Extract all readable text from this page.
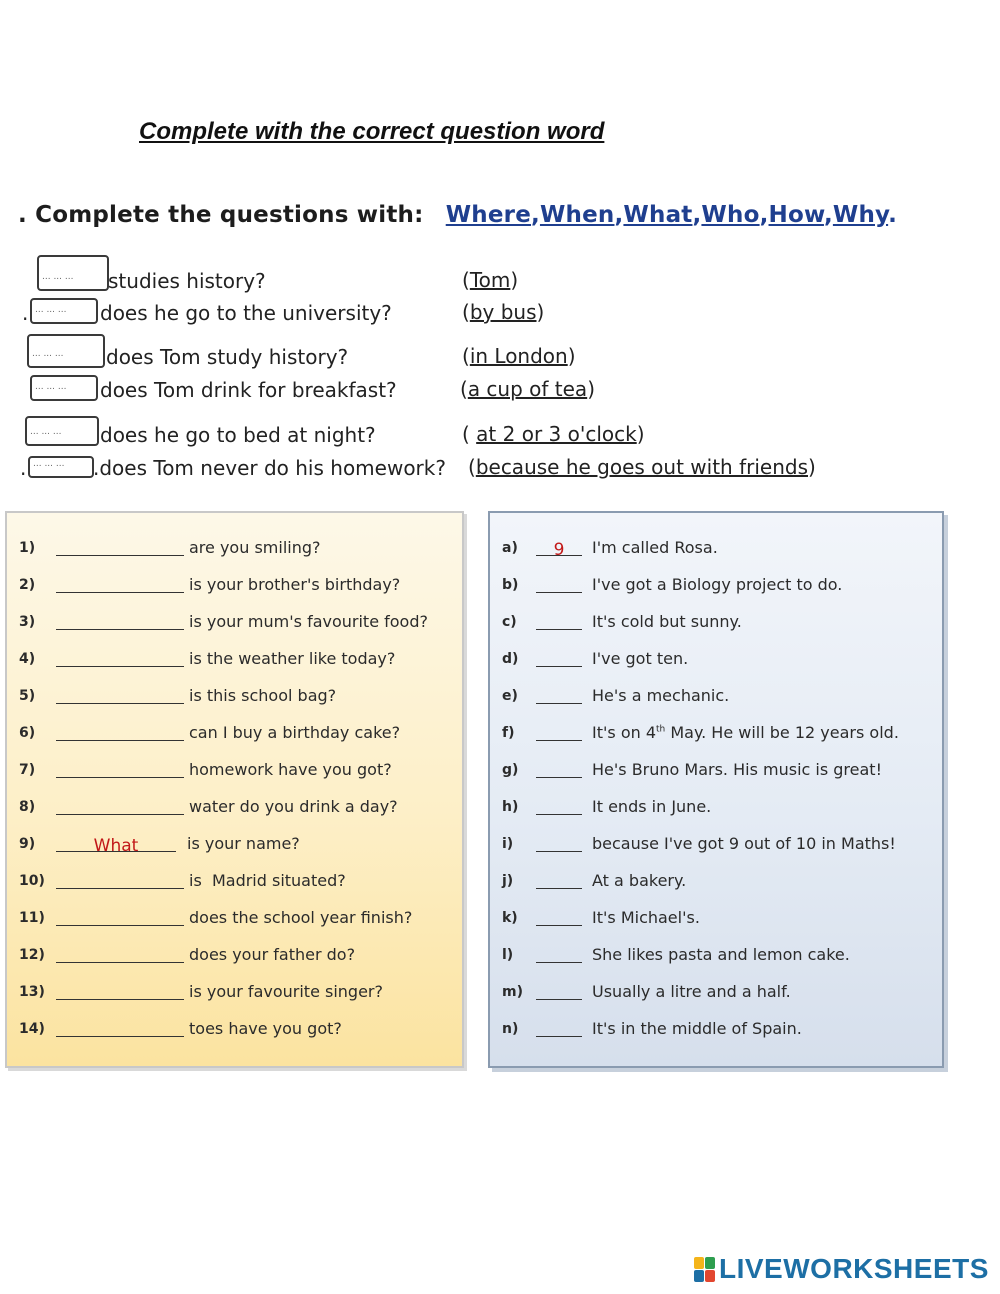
Complete with the correct question word
. Complete the questions with: Where,When,What,Who,How,Why.
... .
studies history?	(Tom)
. ... .	does he go to the university?	(by bus)
... .
does Tom study history?	(in London)
... .
does Tom drink for breakfast?	(a cup of tea)
... .
does he go to bed at night?	( at 2 or 3 o'clock)
. ... .	.does Tom never do his homework? (because he goes out with friends)
1)	are you smiling?
2)	is your brother's birthday?
3)	is your mum's favourite food?
4)	is the weather like today?
5)	is this school bag?
6)	can I buy a birthday cake?
7)	homework have you got?
8)	water do you drink a day?
9)	What	is your name?
10)	is  Madrid situated?
11)	does the school year finish?
12)	does your father do?
13)	is your favourite singer?
14)	toes have you got?
a)	9	I'm called Rosa.
b)	I've got a Biology project to do.
c)	It's cold but sunny.
d)	I've got ten.
e)	He's a mechanic.
f)	It's on 4th May. He will be 12 years old.
g)	He's Bruno Mars. His music is great!
h)	It ends in June.
i)	because I've got 9 out of 10 in Maths!
j)	At a bakery.
k)	It's Michael's.
l)	She likes pasta and lemon cake.
m)	Usually a litre and a half.
n)	It's in the middle of Spain.
LIVEWORKSHEETS
